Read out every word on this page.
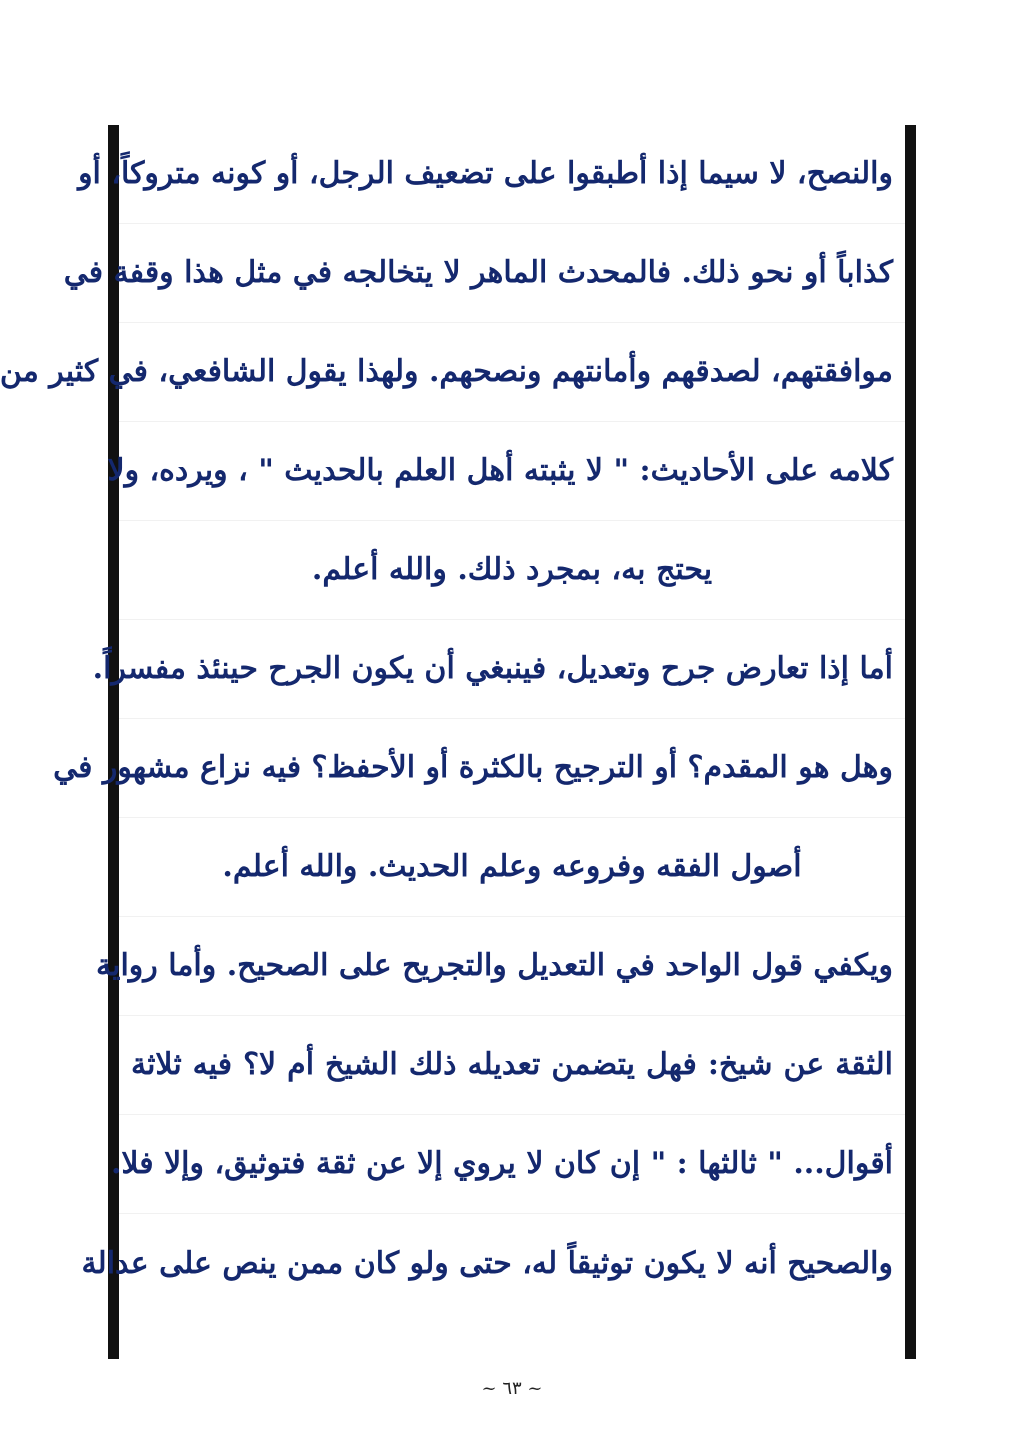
والنصح، لا سيما إذا أطبقوا على تضعيف الرجل، أو كونه متروكاً، أو
كذاباً أو نحو ذلك. فالمحدث الماهر لا يتخالجه في مثل هذا وقفة في
موافقتهم، لصدقهم وأمانتهم ونصحهم. ولهذا يقول الشافعي، في كثير من
كلامه على الأحاديث: " لا يثبته أهل العلم بالحديث " ، ويرده، ولا
يحتج به، بمجرد ذلك. والله أعلم.
أما إذا تعارض جرح وتعديل، فينبغي أن يكون الجرح حينئذ مفسراً.
وهل هو المقدم؟ أو الترجيح بالكثرة أو الأحفظ؟ فيه نزاع مشهور في
أصول الفقه وفروعه وعلم الحديث. والله أعلم.
ويكفي قول الواحد في التعديل والتجريح على الصحيح. وأما رواية
الثقة عن شيخ: فهل يتضمن تعديله ذلك الشيخ أم لا؟ فيه ثلاثة
أقوال... " ثالثها : " إن كان لا يروي إلا عن ثقة فتوثيق، وإلا فلا.
والصحيح أنه لا يكون توثيقاً له، حتى ولو كان ممن ينص على عدالة
~ ٦٣ ~
